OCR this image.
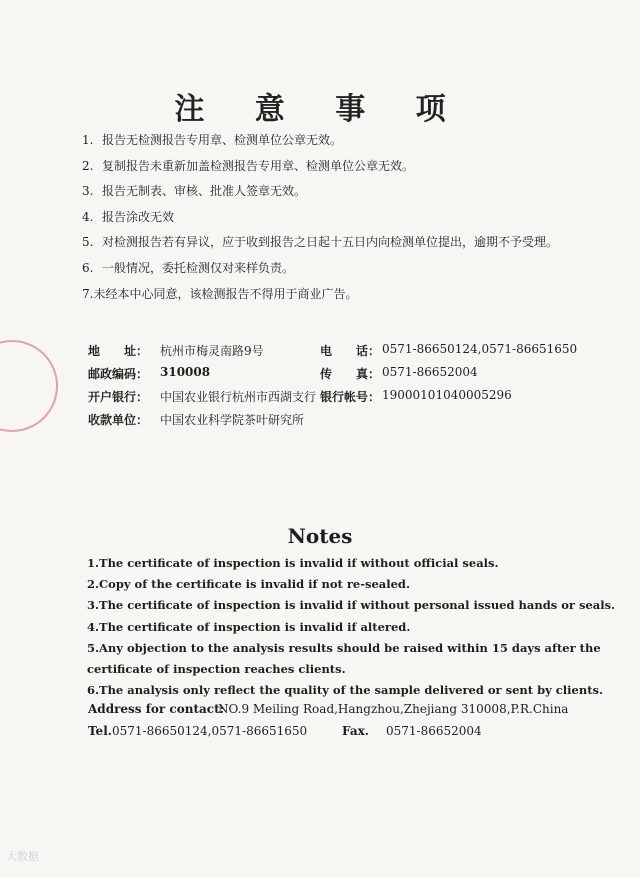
注 意 事 项
1. 报告无检测报告专用章、检测单位公章无效。
2. 复制报告未重新加盖检测报告专用章、检测单位公章无效。
3. 报告无制表、审核、批准人签章无效。
4. 报告涂改无效
5. 对检测报告若有异议，应于收到报告之日起十五日内向检测单位提出，逾期不予受理。
6. 一般情况，委托检测仅对来样负责。
7.未经本中心同意，该检测报告不得用于商业广告。
地　　址： 杭州市梅灵南路9号	电　　话： 0571-86650124,0571-86651650
邮政编码： 310008	传　　真： 0571-86652004
开户银行： 中国农业银行杭州市西湖支行 银行帐号： 19000101040005296
收款单位： 中国农业科学院茶叶研究所
Notes
1.The certificate of inspection is invalid if without official seals.
2.Copy of the certificate is invalid if not re-sealed.
3.The certificate of inspection is invalid if without personal issued hands or seals.
4.The certificate of inspection is invalid if altered.
5.Any objection to the analysis results should be raised within 15 days after the
certificate of inspection reaches clients.
6.The analysis only reflect the quality of the sample delivered or sent by clients.
Address for contact:
NO.9 Meiling Road,Hangzhou,Zhejiang 310008,P.R.China
Tel. 0571-86650124,0571-86651650	Fax. 0571-86652004
大数据
